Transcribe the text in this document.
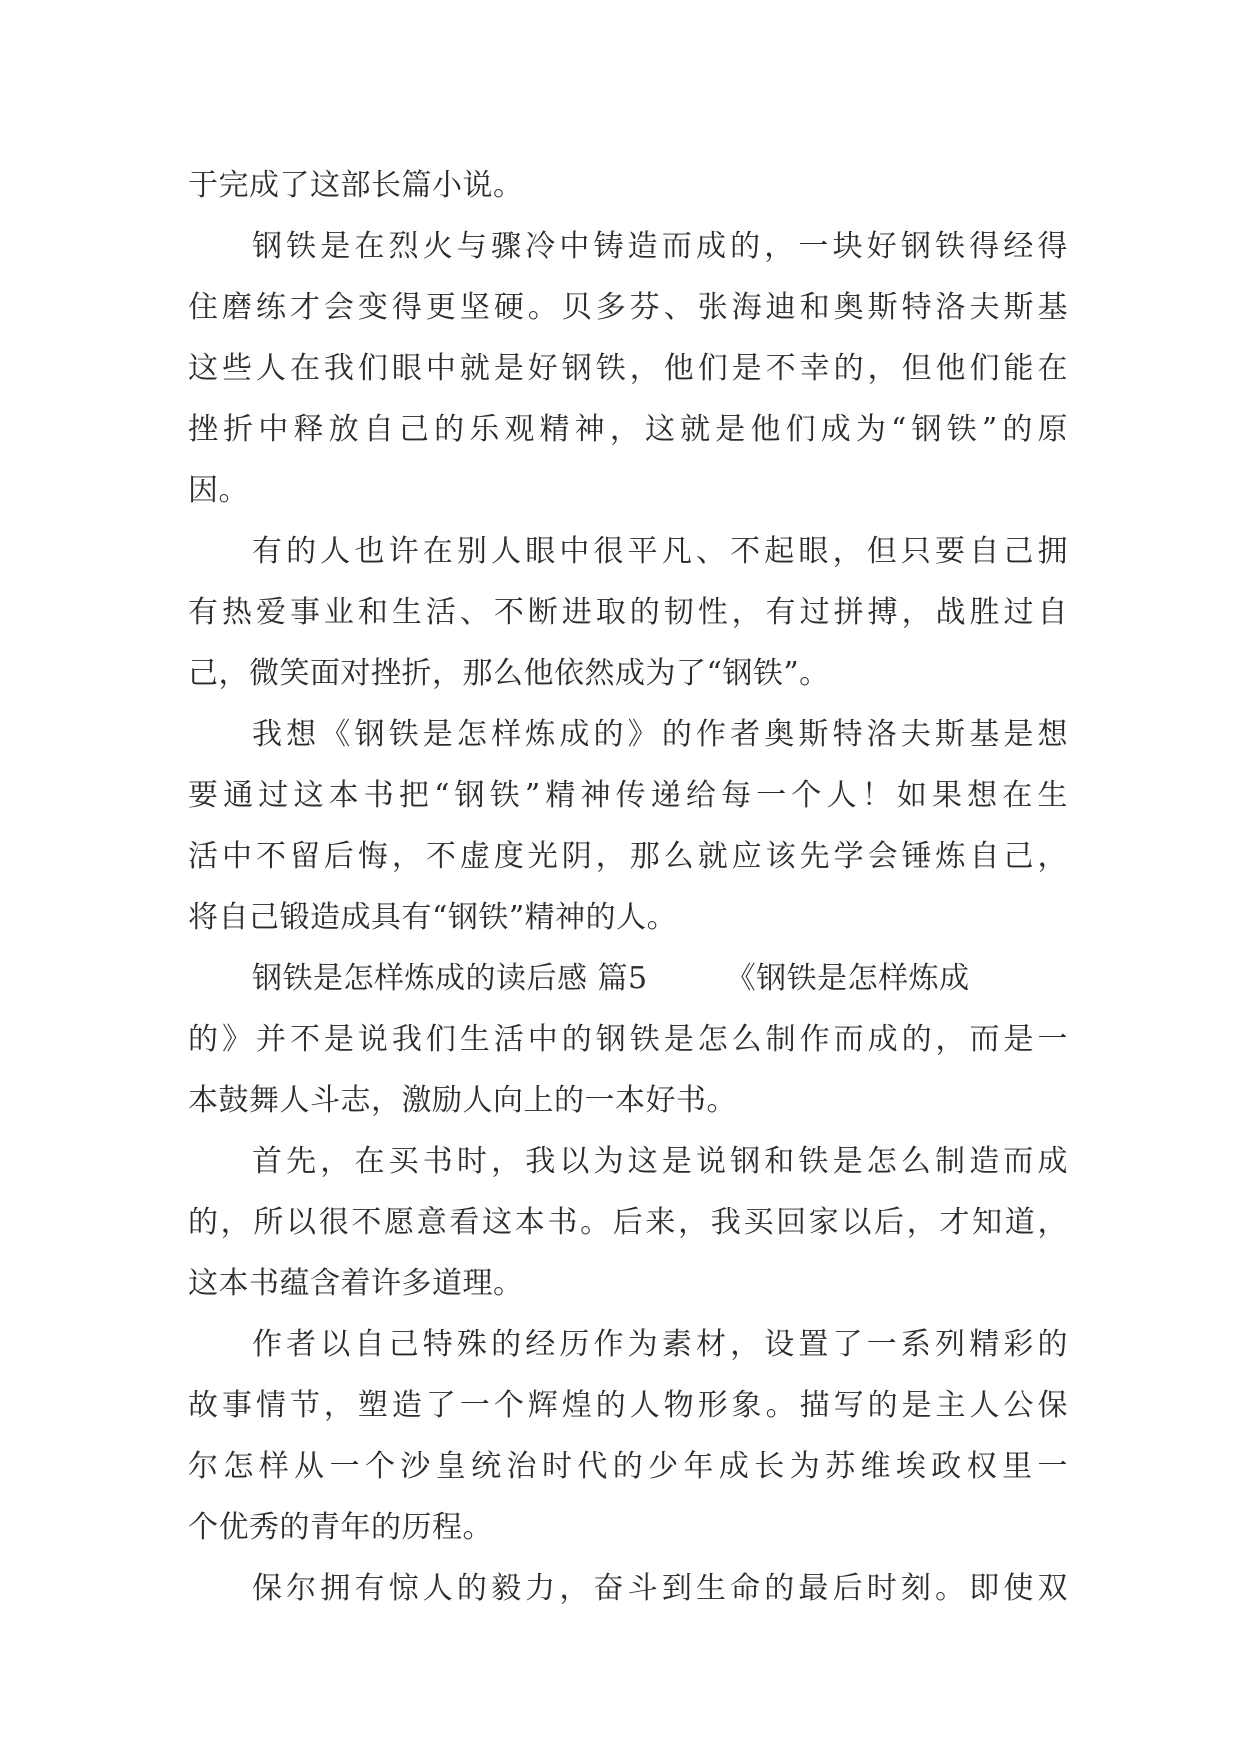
于完成了这部长篇小说。
钢铁是在烈火与骤冷中铸造而成的，一块好钢铁得经得
住磨练才会变得更坚硬。贝多芬、张海迪和奥斯特洛夫斯基
这些人在我们眼中就是好钢铁，他们是不幸的，但他们能在
挫折中释放自己的乐观精神，这就是他们成为“钢铁”的原
因。
有的人也许在别人眼中很平凡、不起眼，但只要自己拥
有热爱事业和生活、不断进取的韧性，有过拼搏，战胜过自
己，微笑面对挫折，那么他依然成为了“钢铁”。
我想《钢铁是怎样炼成的》的作者奥斯特洛夫斯基是想
要通过这本书把“钢铁”精神传递给每一个人！如果想在生
活中不留后悔，不虚度光阴，那么就应该先学会锤炼自己，
将自己锻造成具有“钢铁”精神的人。
钢铁是怎样炼成的读后感 篇5	《钢铁是怎样炼成
的》并不是说我们生活中的钢铁是怎么制作而成的，而是一
本鼓舞人斗志，激励人向上的一本好书。
首先，在买书时，我以为这是说钢和铁是怎么制造而成
的，所以很不愿意看这本书。后来，我买回家以后，才知道，
这本书蕴含着许多道理。
作者以自己特殊的经历作为素材，设置了一系列精彩的
故事情节，塑造了一个辉煌的人物形象。描写的是主人公保
尔怎样从一个沙皇统治时代的少年成长为苏维埃政权里一
个优秀的青年的历程。
保尔拥有惊人的毅力，奋斗到生命的最后时刻。即使双
